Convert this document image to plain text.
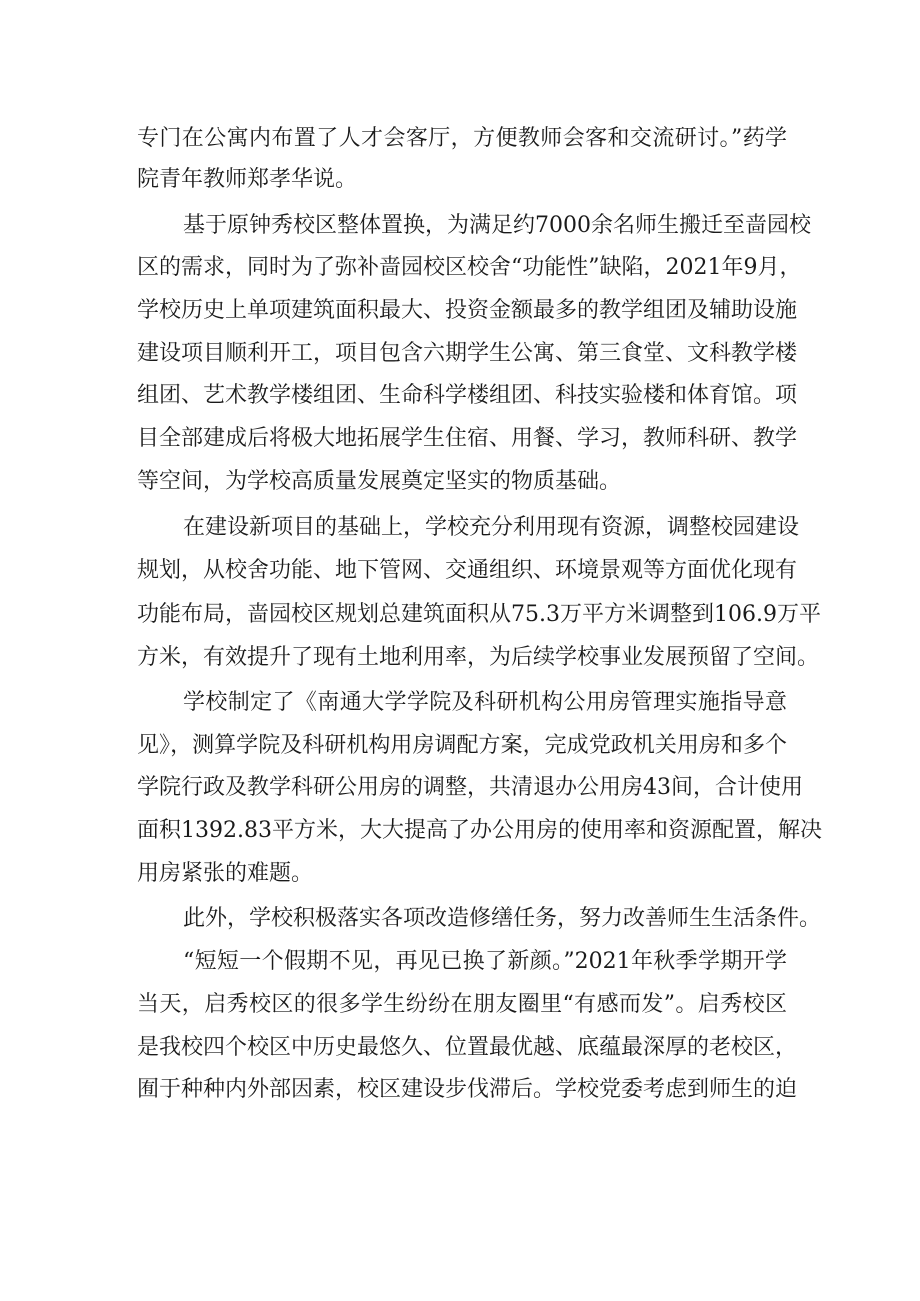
专门在公寓内布置了人才会客厅，方便教师会客和交流研讨。”药学
院青年教师郑孝华说。
基于原钟秀校区整体置换，为满足约7000余名师生搬迁至啬园校
区的需求，同时为了弥补啬园校区校舍“功能性”缺陷，2021年9月，
学校历史上单项建筑面积最大、投资金额最多的教学组团及辅助设施
建设项目顺利开工，项目包含六期学生公寓、第三食堂、文科教学楼
组团、艺术教学楼组团、生命科学楼组团、科技实验楼和体育馆。项
目全部建成后将极大地拓展学生住宿、用餐、学习，教师科研、教学
等空间，为学校高质量发展奠定坚实的物质基础。
在建设新项目的基础上，学校充分利用现有资源，调整校园建设
规划，从校舍功能、地下管网、交通组织、环境景观等方面优化现有
功能布局，啬园校区规划总建筑面积从75.3万平方米调整到106.9万平
方米，有效提升了现有土地利用率，为后续学校事业发展预留了空间。
学校制定了《南通大学学院及科研机构公用房管理实施指导意
见》，测算学院及科研机构用房调配方案，完成党政机关用房和多个
学院行政及教学科研公用房的调整，共清退办公用房43间，合计使用
面积1392.83平方米，大大提高了办公用房的使用率和资源配置，解决
用房紧张的难题。
此外，学校积极落实各项改造修缮任务，努力改善师生生活条件。
“短短一个假期不见，再见已换了新颜。”2021年秋季学期开学
当天，启秀校区的很多学生纷纷在朋友圈里“有感而发”。启秀校区
是我校四个校区中历史最悠久、位置最优越、底蕴最深厚的老校区，
囿于种种内外部因素，校区建设步伐滞后。学校党委考虑到师生的迫
